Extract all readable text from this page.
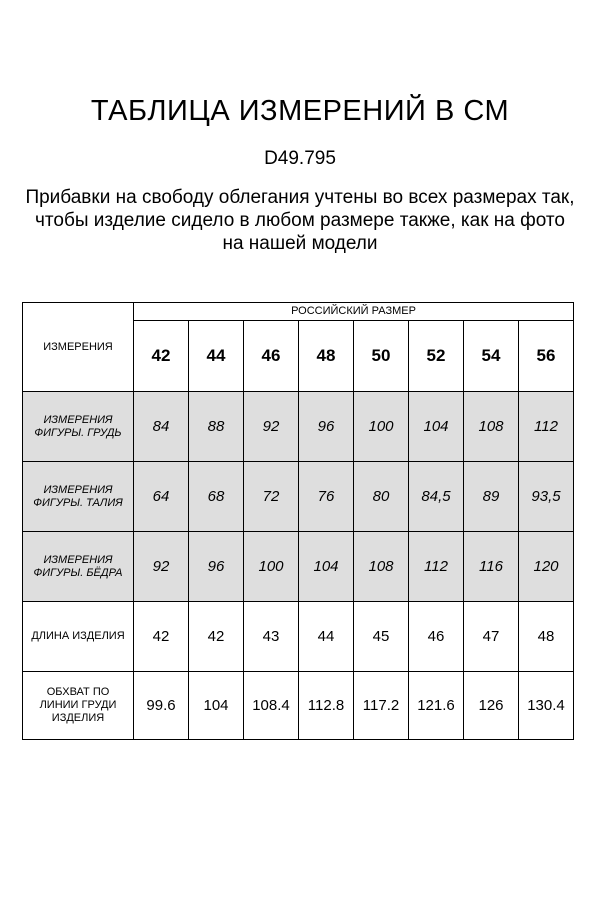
ТАБЛИЦА ИЗМЕРЕНИЙ В СМ
D49.795
Прибавки на свободу облегания учтены во всех размерах так,
чтобы изделие сидело в любом размере также, как на фото
на нашей модели
ИЗМЕРЕНИЯ	РОССИЙСКИЙ РАЗМЕР							
	42	44	46	48	50	52	54	56

ИЗМЕРЕНИЯ
ФИГУРЫ. ГРУДЬ	84	88	92	96	100	104	108	112

ИЗМЕРЕНИЯ
ФИГУРЫ. ТАЛИЯ	64	68	72	76	80	84,5	89	93,5

ИЗМЕРЕНИЯ
ФИГУРЫ. БЁДРА	92	96	100	104	108	112	116	120

ДЛИНА ИЗДЕЛИЯ	42	42	43	44	45	46	47	48

ОБХВАТ ПО
ЛИНИИ ГРУДИ
ИЗДЕЛИЯ	99.6	104	108.4	112.8	117.2	121.6	126	130.4
